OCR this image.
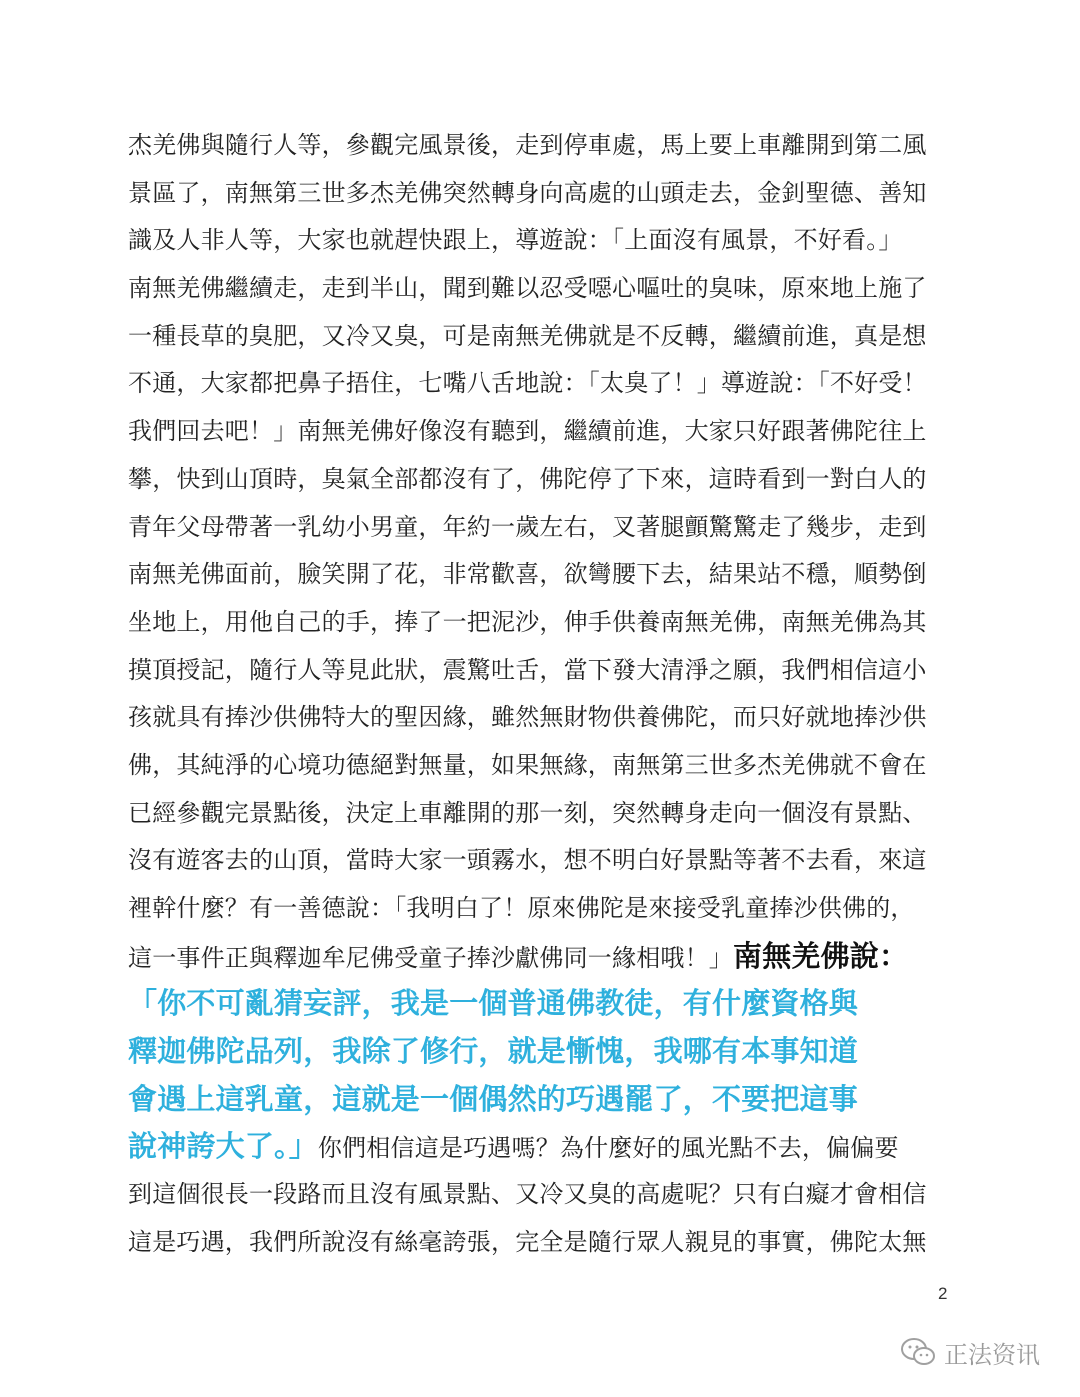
杰羌佛與隨行人等，參觀完風景後，走到停車處，馬上要上車離開到第二風
景區了，南無第三世多杰羌佛突然轉身向高處的山頭走去，金釗聖德、善知
識及人非人等，大家也就趕快跟上，導遊說：「上面沒有風景，不好看。」
南無羌佛繼續走，走到半山，聞到難以忍受噁心嘔吐的臭味，原來地上施了
一種長草的臭肥，又冷又臭，可是南無羌佛就是不反轉，繼續前進，真是想
不通，大家都把鼻子捂住，七嘴八舌地說：「太臭了！」導遊說：「不好受！
我們回去吧！」南無羌佛好像沒有聽到，繼續前進，大家只好跟著佛陀往上
攀，快到山頂時，臭氣全部都沒有了，佛陀停了下來，這時看到一對白人的
青年父母帶著一乳幼小男童，年約一歲左右，叉著腿顫驚驚走了幾步，走到
南無羌佛面前，臉笑開了花，非常歡喜，欲彎腰下去，結果站不穩，順勢倒
坐地上，用他自己的手，捧了一把泥沙，伸手供養南無羌佛，南無羌佛為其
摸頂授記，隨行人等見此狀，震驚吐舌，當下發大清淨之願，我們相信這小
孩就具有捧沙供佛特大的聖因緣，雖然無財物供養佛陀，而只好就地捧沙供
佛，其純淨的心境功德絕對無量，如果無緣，南無第三世多杰羌佛就不會在
已經參觀完景點後，決定上車離開的那一刻，突然轉身走向一個沒有景點、
沒有遊客去的山頂，當時大家一頭霧水，想不明白好景點等著不去看，來這
裡幹什麼？有一善德說：「我明白了！原來佛陀是來接受乳童捧沙供佛的，
這一事件正與釋迦牟尼佛受童子捧沙獻佛同一緣相哦！」南無羌佛說：
「你不可亂猜妄評，我是一個普通佛教徒，有什麼資格與
釋迦佛陀品列，我除了修行，就是慚愧，我哪有本事知道
會遇上這乳童，這就是一個偶然的巧遇罷了，不要把這事
說神誇大了。」你們相信這是巧遇嗎？為什麼好的風光點不去，偏偏要
到這個很長一段路而且沒有風景點、又冷又臭的高處呢？只有白癡才會相信
這是巧遇，我們所說沒有絲毫誇張，完全是隨行眾人親見的事實，佛陀太無
2
正法资讯
